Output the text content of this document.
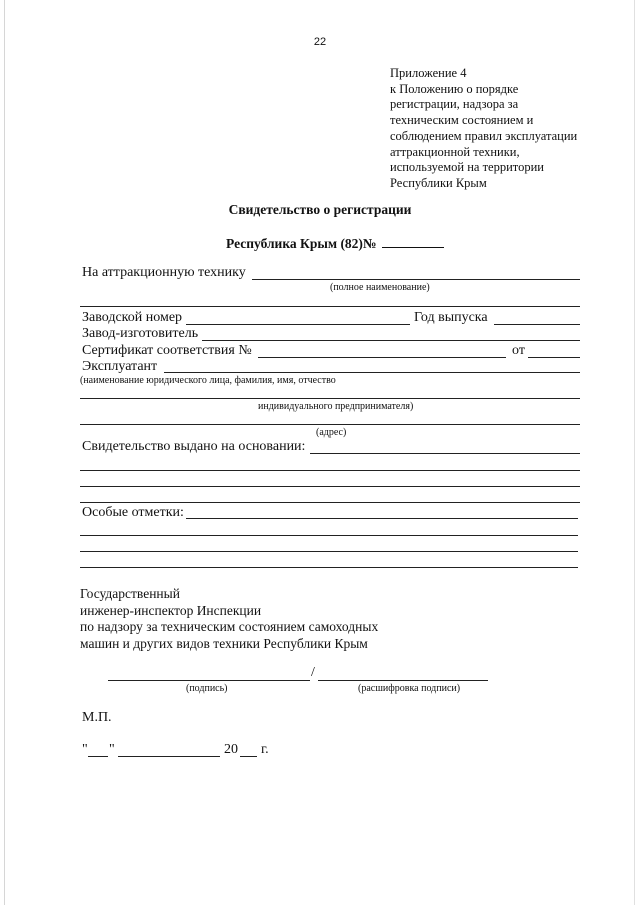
22
Приложение 4
к Положению о порядке
регистрации, надзора за
техническим состоянием и
соблюдением правил эксплуатации
аттракционной техники,
используемой на территории
Республики Крым
Свидетельство о регистрации
Республика Крым (82)№
На аттракционную технику
(полное наименование)
Заводской номер	Год выпуска
Завод-изготовитель
Сертификат соответствия №	от
Эксплуатант
(наименование юридического лица, фамилия, имя, отчество
индивидуального предпринимателя)
(адрес)
Свидетельство выдано на основании:
Особые отметки:
Государственный
инженер-инспектор Инспекции
по надзору за техническим состоянием самоходных
машин и других видов техники Республики Крым
/
(подпись)	(расшифровка подписи)
М.П.
" "	20 г.
